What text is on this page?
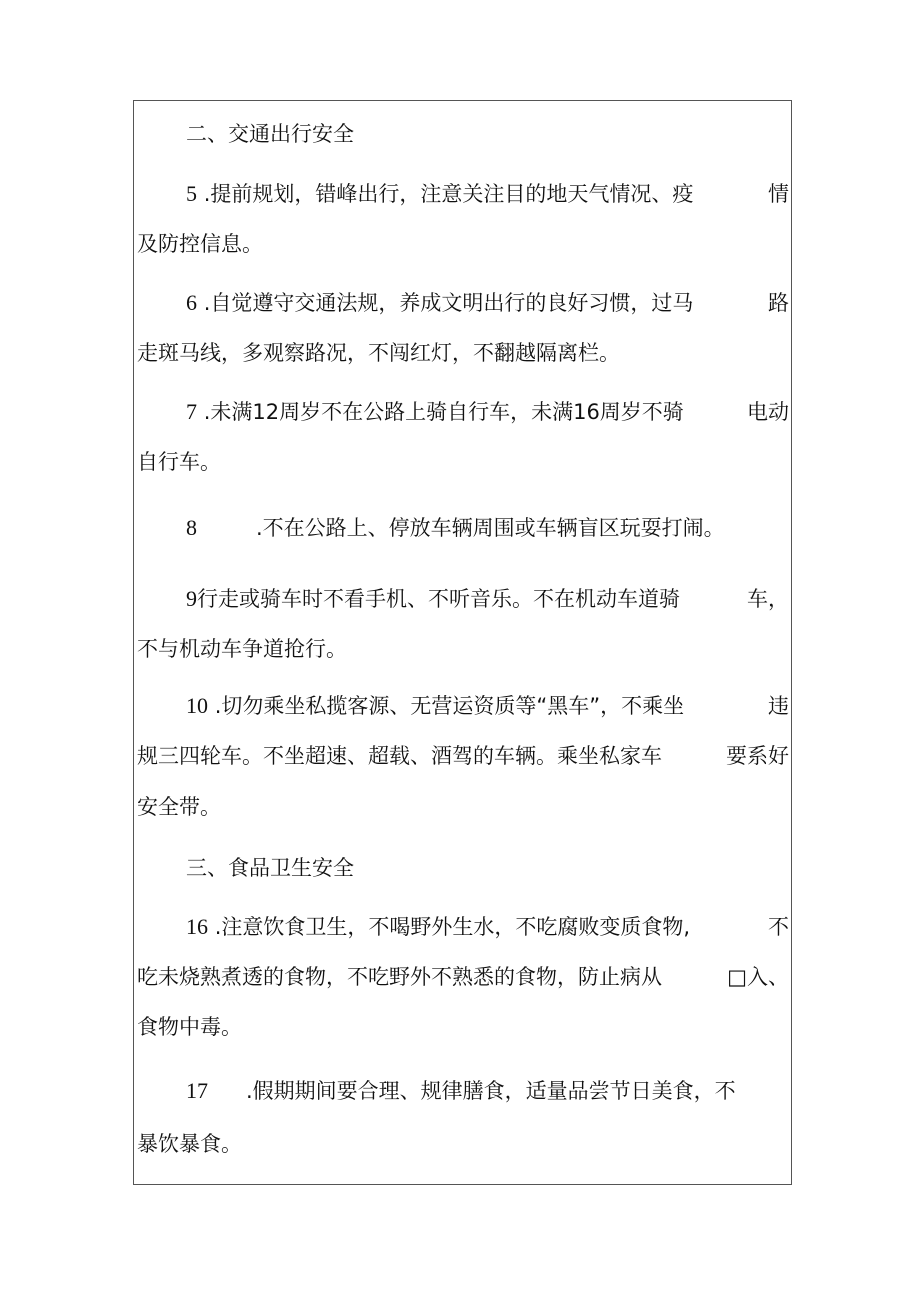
二、交通出行安全
5 .提前规划，错峰出行，注意关注目的地天气情况、疫	情
及防控信息。
6 .自觉遵守交通法规，养成文明出行的良好习惯，过马	路
走斑马线，多观察路况，不闯红灯，不翻越隔离栏。
7 .未满12周岁不在公路上骑自行车，未满16周岁不骑	电动
自行车。
8	.不在公路上、停放车辆周围或车辆盲区玩耍打闹。
9行走或骑车时不看手机、不听音乐。不在机动车道骑	车，
不与机动车争道抢行。
10 .切勿乘坐私揽客源、无营运资质等“黑车”，不乘坐	违
规三四轮车。不坐超速、超载、酒驾的车辆。乘坐私家车	要系好
安全带。
三、食品卫生安全
16 .注意饮食卫生，不喝野外生水，不吃腐败变质食物,	不
吃未烧熟煮透的食物，不吃野外不熟悉的食物，防止病从	□入、
食物中毒。
17 .假期期间要合理、规律膳食，适量品尝节日美食，不
暴饮暴食。
